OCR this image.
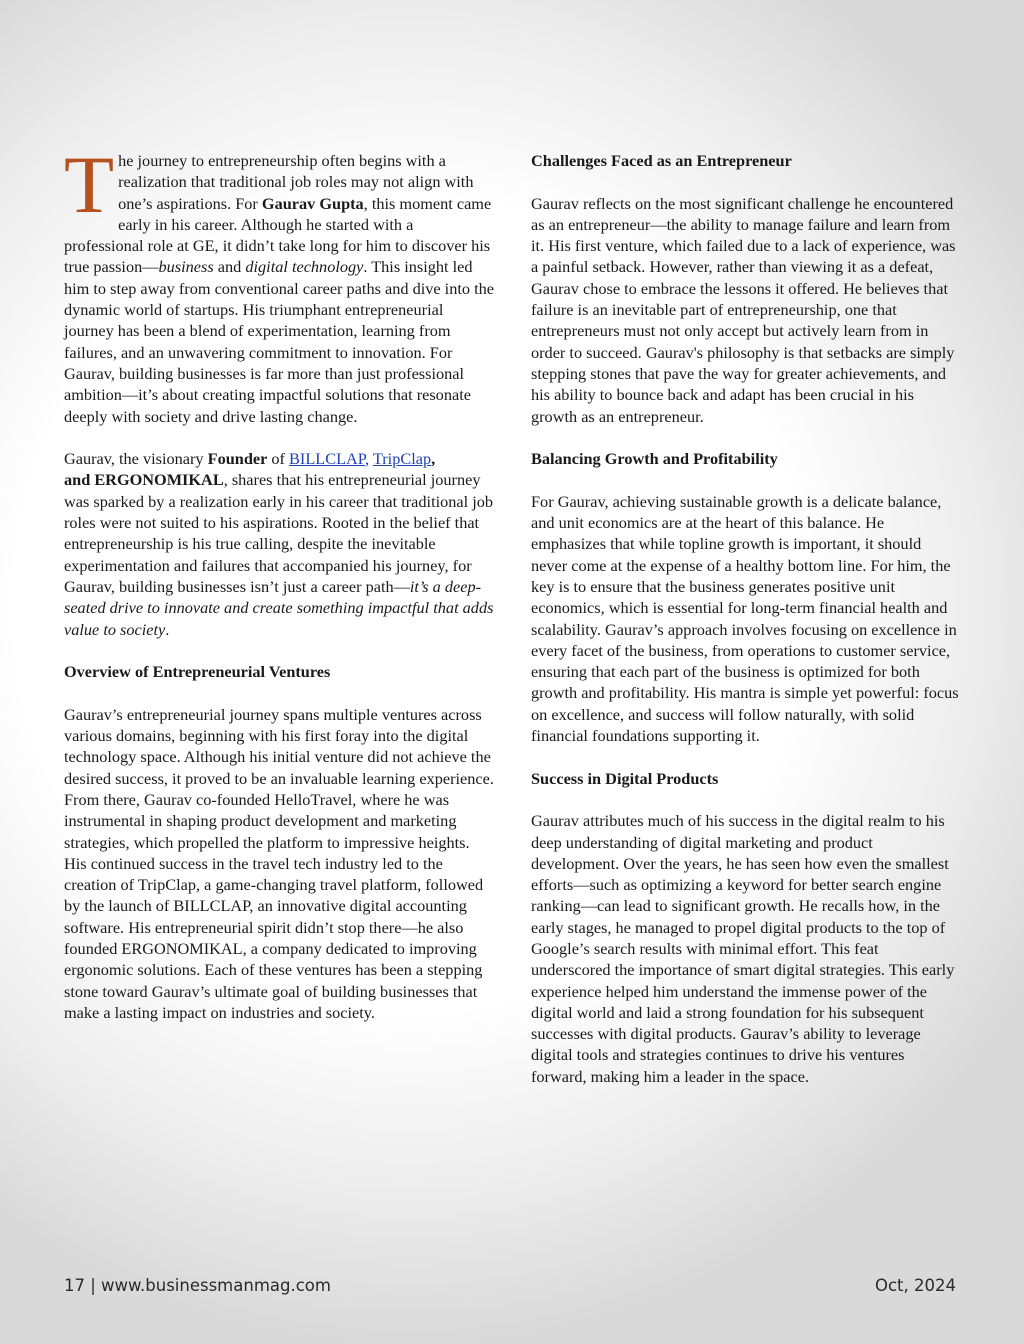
The journey to entrepreneurship often begins with a realization that traditional job roles may not align with one’s aspirations. For Gaurav Gupta, this moment came early in his career. Although he started with a professional role at GE, it didn’t take long for him to discover his true passion—business and digital technology. This insight led him to step away from conventional career paths and dive into the dynamic world of startups. His triumphant entrepreneurial journey has been a blend of experimentation, learning from failures, and an unwavering commitment to innovation. For Gaurav, building businesses is far more than just professional ambition—it’s about creating impactful solutions that resonate deeply with society and drive lasting change.

Gaurav, the visionary Founder of BILLCLAP, TripClap,
and ERGONOMIKAL, shares that his entrepreneurial journey was sparked by a realization early in his career that traditional job roles were not suited to his aspirations. Rooted in the belief that entrepreneurship is his true calling, despite the inevitable experimentation and failures that accompanied his journey, for Gaurav, building businesses isn’t just a career path—it’s a deep-seated drive to innovate and create something impactful that adds value to society.

Overview of Entrepreneurial Ventures

Gaurav’s entrepreneurial journey spans multiple ventures across various domains, beginning with his first foray into the digital technology space. Although his initial venture did not achieve the desired success, it proved to be an invaluable learning experience. From there, Gaurav co-founded HelloTravel, where he was instrumental in shaping product development and marketing strategies, which propelled the platform to impressive heights. His continued success in the travel tech industry led to the creation of TripClap, a game-changing travel platform, followed by the launch of BILLCLAP, an innovative digital accounting software. His entrepreneurial spirit didn’t stop there—he also founded ERGONOMIKAL, a company dedicated to improving ergonomic solutions. Each of these ventures has been a stepping stone toward Gaurav’s ultimate goal of building businesses that make a lasting impact on industries and society.

Challenges Faced as an Entrepreneur

Gaurav reflects on the most significant challenge he encountered as an entrepreneur—the ability to manage failure and learn from it. His first venture, which failed due to a lack of experience, was a painful setback. However, rather than viewing it as a defeat, Gaurav chose to embrace the lessons it offered. He believes that failure is an inevitable part of entrepreneurship, one that entrepreneurs must not only accept but actively learn from in order to succeed. Gaurav's philosophy is that setbacks are simply stepping stones that pave the way for greater achievements, and his ability to bounce back and adapt has been crucial in his growth as an entrepreneur.

Balancing Growth and Profitability

For Gaurav, achieving sustainable growth is a delicate balance, and unit economics are at the heart of this balance. He emphasizes that while topline growth is important, it should never come at the expense of a healthy bottom line. For him, the key is to ensure that the business generates positive unit economics, which is essential for long-term financial health and scalability. Gaurav’s approach involves focusing on excellence in every facet of the business, from operations to customer service, ensuring that each part of the business is optimized for both growth and profitability. His mantra is simple yet powerful: focus on excellence, and success will follow naturally, with solid financial foundations supporting it.

Success in Digital Products

Gaurav attributes much of his success in the digital realm to his deep understanding of digital marketing and product development. Over the years, he has seen how even the smallest efforts—such as optimizing a keyword for better search engine ranking—can lead to significant growth. He recalls how, in the early stages, he managed to propel digital products to the top of Google’s search results with minimal effort. This feat underscored the importance of smart digital strategies. This early experience helped him understand the immense power of the digital world and laid a strong foundation for his subsequent successes with digital products. Gaurav’s ability to leverage digital tools and strategies continues to drive his ventures forward, making him a leader in the space.

17 | www.businessmanmag.com	Oct, 2024
